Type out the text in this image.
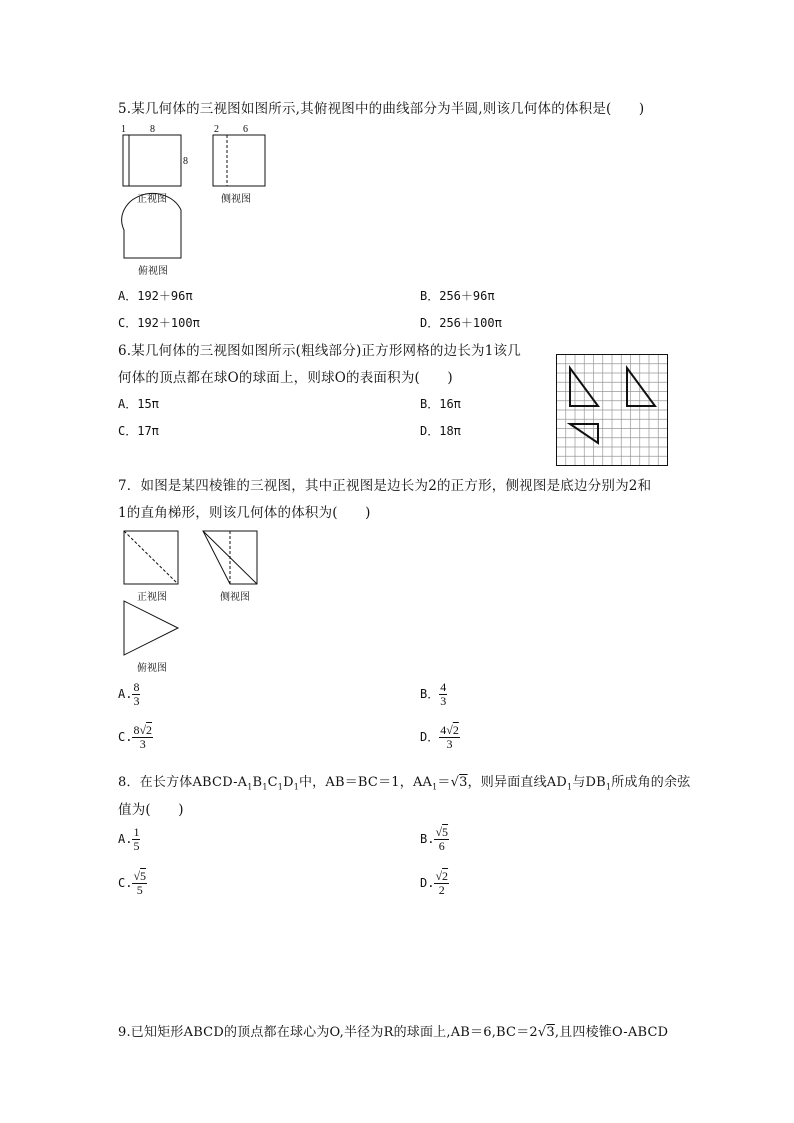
5.某几何体的三视图如图所示,其俯视图中的曲线部分为半圆,则该几何体的体积是(　　)
1 8
8
2 6
正视图	侧视图
俯视图
A．192＋96π	B．256＋96π
C．192＋100π	D．256＋100π
6.某几何体的三视图如图所示(粗线部分)正方形网格的边长为1该几
何体的顶点都在球O的球面上，则球O的表面积为(　　)
A．15π	B．16π
C．17π	D．18π
7．如图是某四棱锥的三视图，其中正视图是边长为2的正方形，侧视图是底边分别为2和
1的直角梯形，则该几何体的体积为(　　)
正视图	侧视图
俯视图
A. $\frac{8}{3}$	B． $\frac{4}{3}$
C. $\frac{8√2}{3}$	D． $\frac{4√2}{3}$
8．在长方体ABCD-$A_1B_1C_1D_1$中，AB＝BC＝1，$AA_1=√3$，则异面直线$AD_1$与$DB_1$所成角的余弦
值为(　　)
A. $\frac{1}{5}$	B. $\frac{√5}{6}$
C. $\frac{√5}{5}$	D. $\frac{√2}{2}$
9.已知矩形ABCD的顶点都在球心为O,半径为R的球面上,AB＝6,BC＝2√3,且四棱锥O-ABCD
